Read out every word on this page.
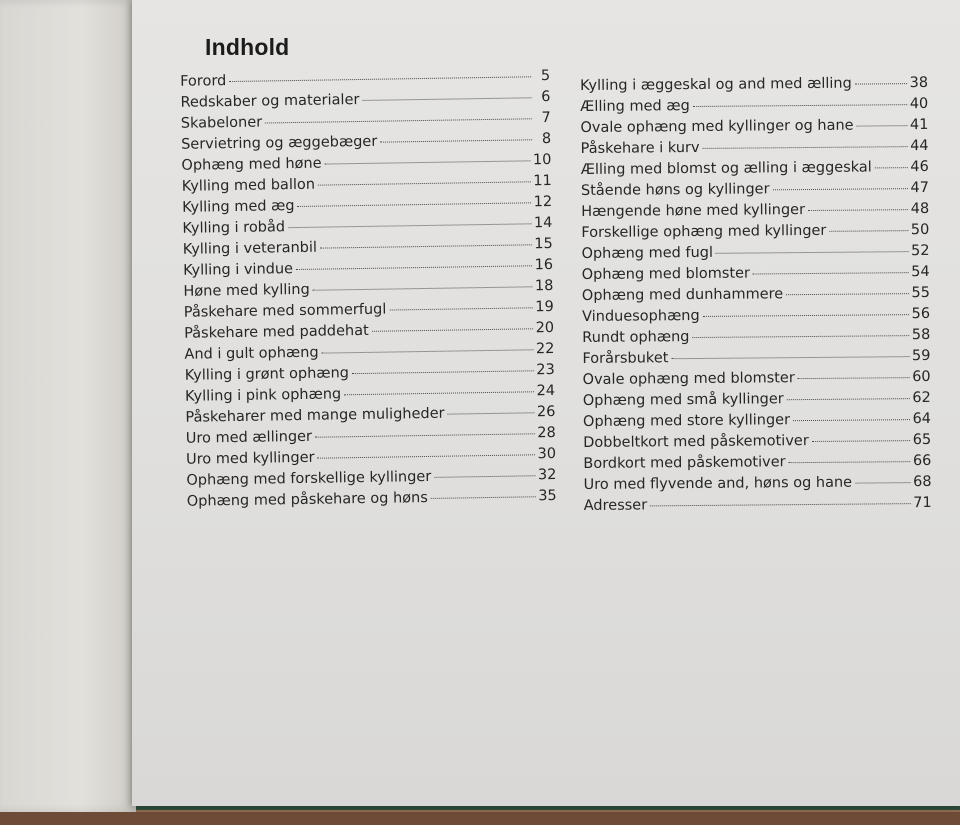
Indhold
Forord	5
Redskaber og materialer	6
Skabeloner	7
Servietring og æggebæger	8
Ophæng med høne	10
Kylling med ballon	11
Kylling med æg	12
Kylling i robåd	14
Kylling i veteranbil	15
Kylling i vindue	16
Høne med kylling	18
Påskehare med sommerfugl	19
Påskehare med paddehat	20
And i gult ophæng	22
Kylling i grønt ophæng	23
Kylling i pink ophæng	24
Påskeharer med mange muligheder	26
Uro med ællinger	28
Uro med kyllinger	30
Ophæng med forskellige kyllinger	32
Ophæng med påskehare og høns	35
Kylling i æggeskal og and med ælling	38
Ælling med æg	40
Ovale ophæng med kyllinger og hane	41
Påskehare i kurv	44
Ælling med blomst og ælling i æggeskal	46
Stående høns og kyllinger	47
Hængende høne med kyllinger	48
Forskellige ophæng med kyllinger	50
Ophæng med fugl	52
Ophæng med blomster	54
Ophæng med dunhammere	55
Vinduesophæng	56
Rundt ophæng	58
Forårsbuket	59
Ovale ophæng med blomster	60
Ophæng med små kyllinger	62
Ophæng med store kyllinger	64
Dobbeltkort med påskemotiver	65
Bordkort med påskemotiver	66
Uro med flyvende and, høns og hane	68
Adresser	71
